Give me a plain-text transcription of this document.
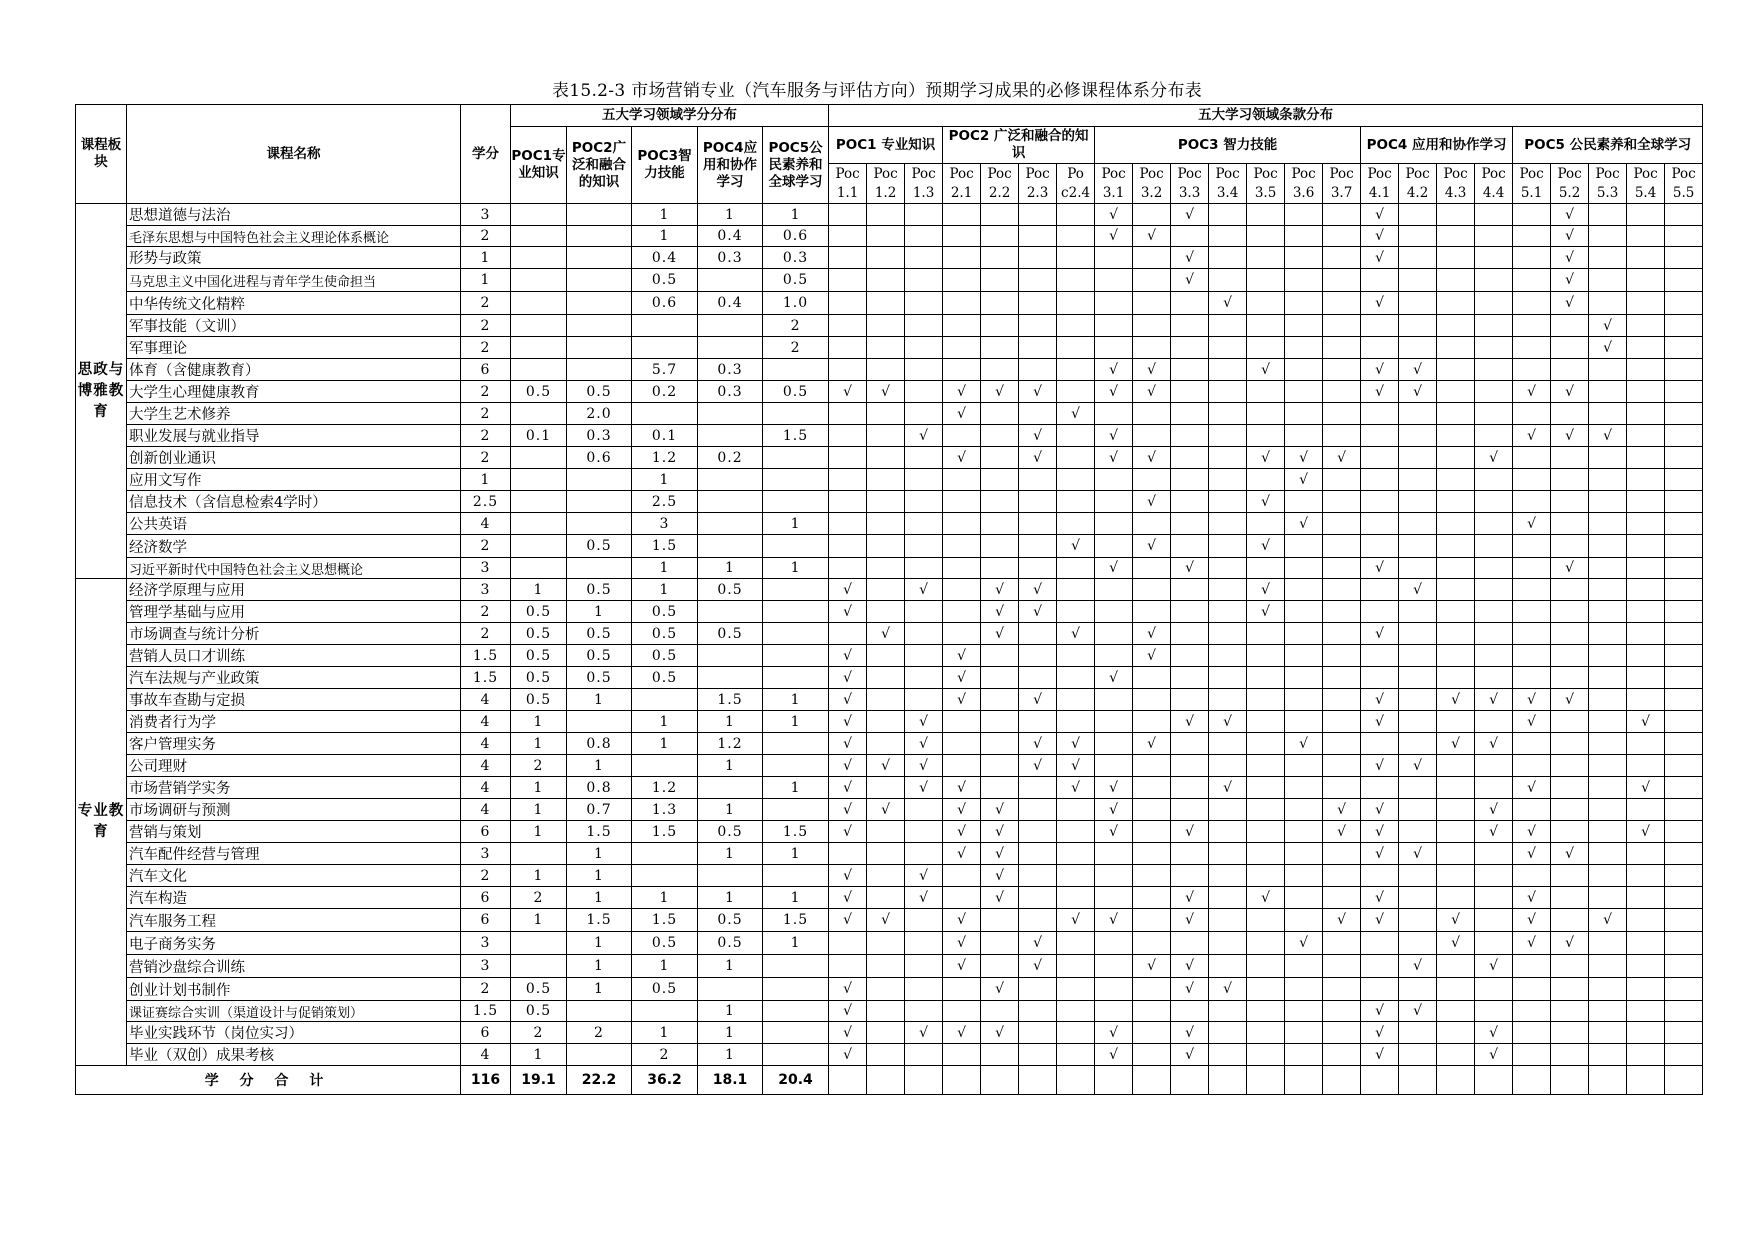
表15.2-3 市场营销专业（汽车服务与评估方向）预期学习成果的必修课程体系分布表
课程板块	课程名称	学分	五大学习领域学分分布					五大学习领域条款分布																						
			POC1专业知识	POC2广泛和融合的知识	POC3智力技能	POC4应用和协作学习	POC5公民素养和全球学习	POC1 专业知识			POC2 广泛和融合的知识				POC3 智力技能							POC4 应用和协作学习				POC5 公民素养和全球学习				
								Poc 1.1	Poc 1.2	Poc 1.3	Poc 2.1	Poc 2.2	Poc 2.3	Po c2.4	Poc 3.1	Poc 3.2	Poc 3.3	Poc 3.4	Poc 3.5	Poc 3.6	Poc 3.7	Poc 4.1	Poc 4.2	Poc 4.3	Poc 4.4	Poc 5.1	Poc 5.2	Poc 5.3	Poc 5.4	Poc 5.5
思政与博雅教育	思想道德与法治	3			1	1	1								√		√					√					√			
	毛泽东思想与中国特色社会主义理论体系概论	2			1	0.4	0.6								√	√						√					√			
	形势与政策	1			0.4	0.3	0.3										√					√					√			
	马克思主义中国化进程与青年学生使命担当	1			0.5		0.5										√										√			
	中华传统文化精粹	2			0.6	0.4	1.0											√				√					√			
	军事技能（文训）	2					2																					√		
	军事理论	2					2																					√		
	体育（含健康教育）	6			5.7	0.3									√	√			√			√	√							
	大学生心理健康教育	2	0.5	0.5	0.2	0.3	0.5	√	√		√	√	√		√	√						√	√			√	√			
	大学生艺术修养	2		2.0							√			√																
	职业发展与就业指导	2	0.1	0.3	0.1		1.5			√			√		√											√	√	√		
	创新创业通识	2		0.6	1.2	0.2					√		√		√	√			√	√	√				√					
	应用文写作	1			1															√										
	信息技术（含信息检索4学时）	2.5			2.5											√			√											
	公共英语	4			3		1													√						√				
	经济数学	2		0.5	1.5									√		√			√											
	习近平新时代中国特色社会主义思想概论	3			1	1	1								√		√					√					√			
专业教育	经济学原理与应用	3	1	0.5	1	0.5		√		√		√	√						√				√							
	管理学基础与应用	2	0.5	1	0.5			√				√	√						√											
	市场调查与统计分析	2	0.5	0.5	0.5	0.5			√			√		√		√						√								
	营销人员口才训练	1.5	0.5	0.5	0.5			√			√					√														
	汽车法规与产业政策	1.5	0.5	0.5	0.5			√			√				√															
	事故车查勘与定损	4	0.5	1		1.5	1	√			√		√									√		√	√	√	√			
	消费者行为学	4	1		1	1	1	√		√							√	√				√				√			√	
	客户管理实务	4	1	0.8	1	1.2		√		√			√	√		√				√				√	√					
	公司理财	4	2	1		1		√	√	√			√	√								√	√							
	市场营销学实务	4	1	0.8	1.2		1	√		√	√			√	√			√								√			√	
	市场调研与预测	4	1	0.7	1.3	1		√	√		√	√			√						√	√			√					
	营销与策划	6	1	1.5	1.5	0.5	1.5	√			√	√			√		√				√	√			√	√			√	
	汽车配件经营与管理	3		1		1	1				√	√										√	√			√	√			
	汽车文化	2	1	1				√		√		√																		
	汽车构造	6	2	1	1	1	1	√		√		√					√		√			√				√				
	汽车服务工程	6	1	1.5	1.5	0.5	1.5	√	√		√			√	√		√				√	√		√		√		√		
	电子商务实务	3		1	0.5	0.5	1				√		√							√				√		√	√			
	营销沙盘综合训练	3		1	1	1					√		√			√	√						√		√					
	创业计划书制作	2	0.5	1	0.5			√				√					√	√												
	课证赛综合实训（渠道设计与促销策划）	1.5	0.5			1		√														√	√							
	毕业实践环节（岗位实习）	6	2	2	1	1		√		√	√	√			√		√					√			√					
	毕业（双创）成果考核	4	1		2	1		√							√		√					√			√					
学 分 合 计		116	19.1	22.2	36.2	18.1	20.4																							
